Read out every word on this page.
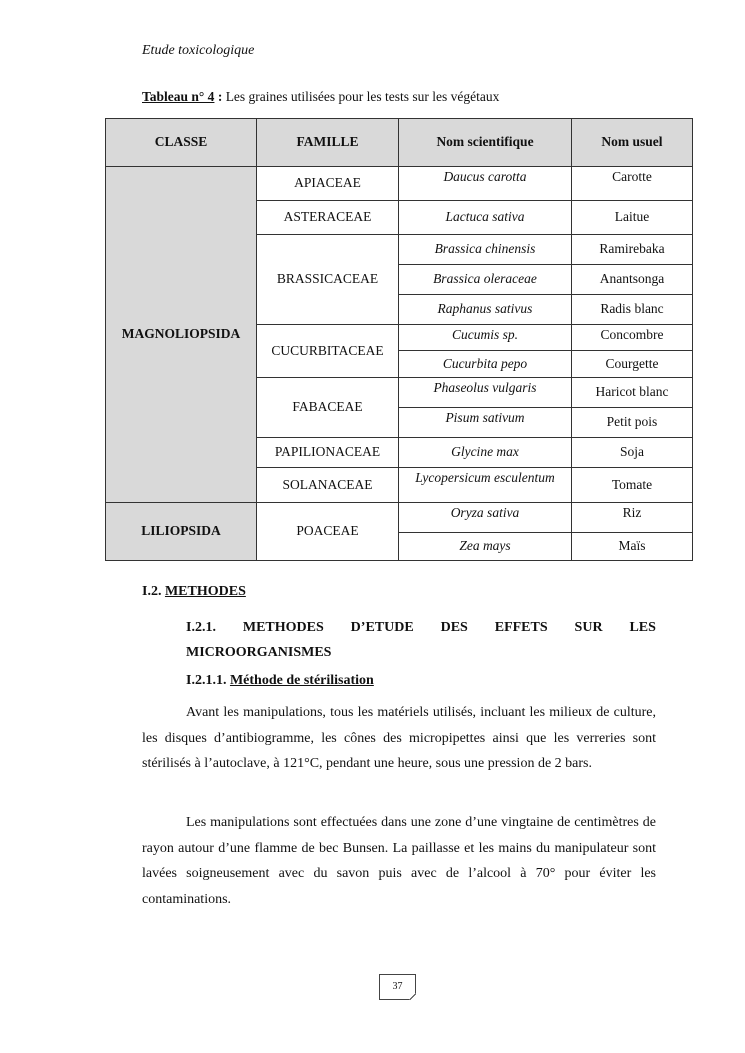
Etude toxicologique
Tableau n° 4 : Les graines utilisées pour les tests sur les végétaux
CLASSE	FAMILLE	Nom scientifique	Nom usuel
MAGNOLIOPSIDA	APIACEAE	Daucus carotta	Carotte
	ASTERACEAE	Lactuca sativa	Laitue
	BRASSICACEAE	Brassica chinensis	Ramirebaka
		Brassica oleraceae	Anantsonga
		Raphanus sativus	Radis blanc
	CUCURBITACEAE	Cucumis sp.	Concombre
		Cucurbita pepo	Courgette
	FABACEAE	Phaseolus vulgaris	Haricot blanc
		Pisum sativum	Petit pois
	PAPILIONACEAE	Glycine max	Soja
	SOLANACEAE	Lycopersicum esculentum	Tomate
LILIOPSIDA	POACEAE	Oryza sativa	Riz
		Zea mays	Maïs
I.2. METHODES
I.2.1. METHODES D’ETUDE DES EFFETS SUR LES
MICROORGANISMES
I.2.1.1. Méthode de stérilisation

Avant les manipulations, tous les matériels utilisés, incluant les milieux de culture, les disques d’antibiogramme, les cônes des micropipettes ainsi que les verreries sont stérilisés à l’autoclave, à 121°C, pendant une heure, sous une pression de 2 bars.

Les manipulations sont effectuées dans une zone d’une vingtaine de centimètres de rayon autour d’une flamme de bec Bunsen. La paillasse et les mains du manipulateur sont lavées soigneusement avec du savon puis avec de l’alcool à 70° pour éviter les contaminations.

37
